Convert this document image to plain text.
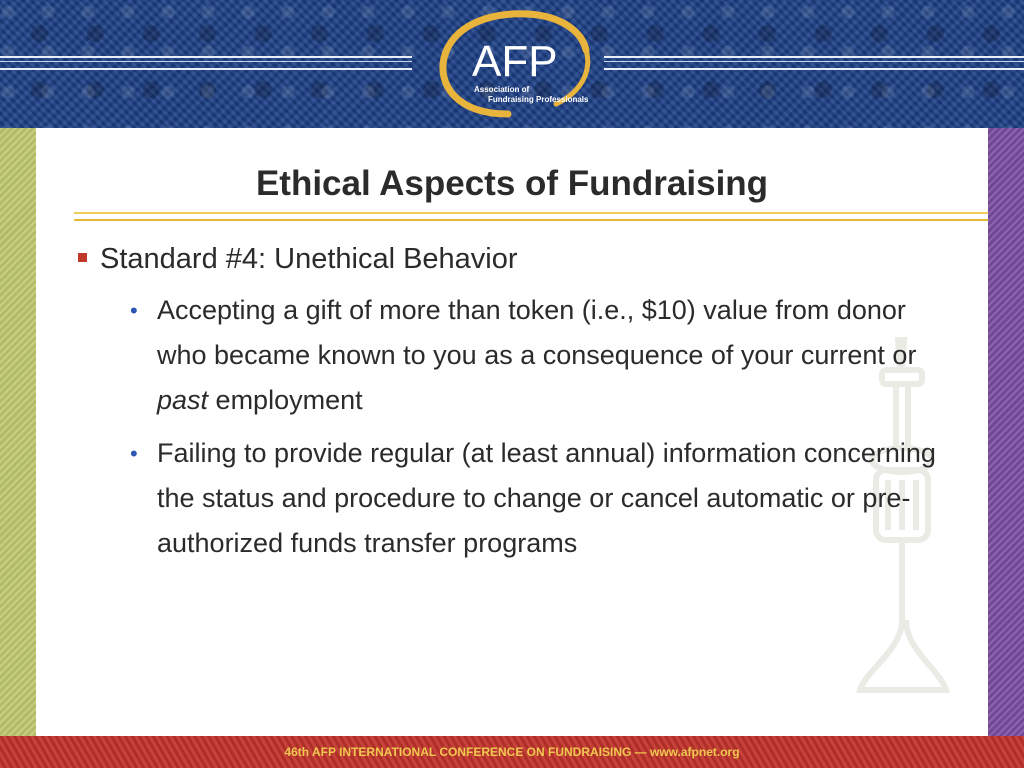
AFP
Association of
Fundraising Professionals
Ethical Aspects of Fundraising
Standard #4: Unethical Behavior
• Accepting a gift of more than token (i.e., $10) value from donor who became known to you as a consequence of your current or past employment
• Failing to provide regular (at least annual) information concerning the status and procedure to change or cancel automatic or pre-authorized funds transfer programs
46th AFP INTERNATIONAL CONFERENCE ON FUNDRAISING — www.afpnet.org
